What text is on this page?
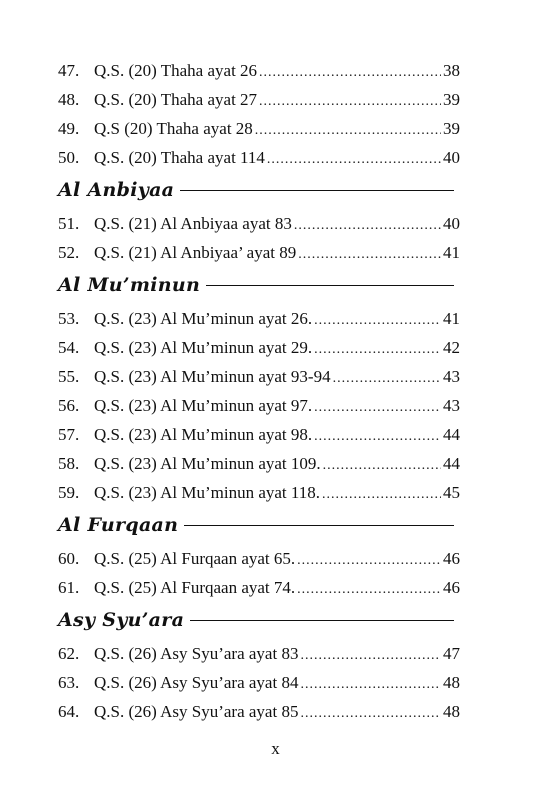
47. Q.S. (20) Thaha ayat 26 .....	38
48. Q.S. (20) Thaha ayat 27 .....	39
49. Q.S (20) Thaha ayat 28 .....	39
50. Q.S. (20) Thaha ayat 114 .....	40
Al Anbiyaa
51. Q.S. (21) Al Anbiyaa ayat 83 .....	40
52. Q.S. (21) Al Anbiyaa’ ayat 89 .....	41
Al Mu’minun
53. Q.S. (23) Al Mu’minun ayat 26. .....	41
54. Q.S. (23) Al Mu’minun ayat 29. .....	42
55. Q.S. (23) Al Mu’minun ayat 93-94 .....	43
56. Q.S. (23) Al Mu’minun ayat 97. .....	43
57. Q.S. (23) Al Mu’minun ayat 98. .....	44
58. Q.S. (23) Al Mu’minun ayat 109. .....	44
59. Q.S. (23) Al Mu’minun ayat 118. .....	45
Al Furqaan
60. Q.S. (25) Al Furqaan ayat 65. .....	46
61. Q.S. (25) Al Furqaan ayat 74. .....	46
Asy Syu’ara
62. Q.S. (26) Asy Syu’ara ayat 83 .....	47
63. Q.S. (26) Asy Syu’ara ayat 84 .....	48
64. Q.S. (26) Asy Syu’ara ayat 85 .....	48
x
